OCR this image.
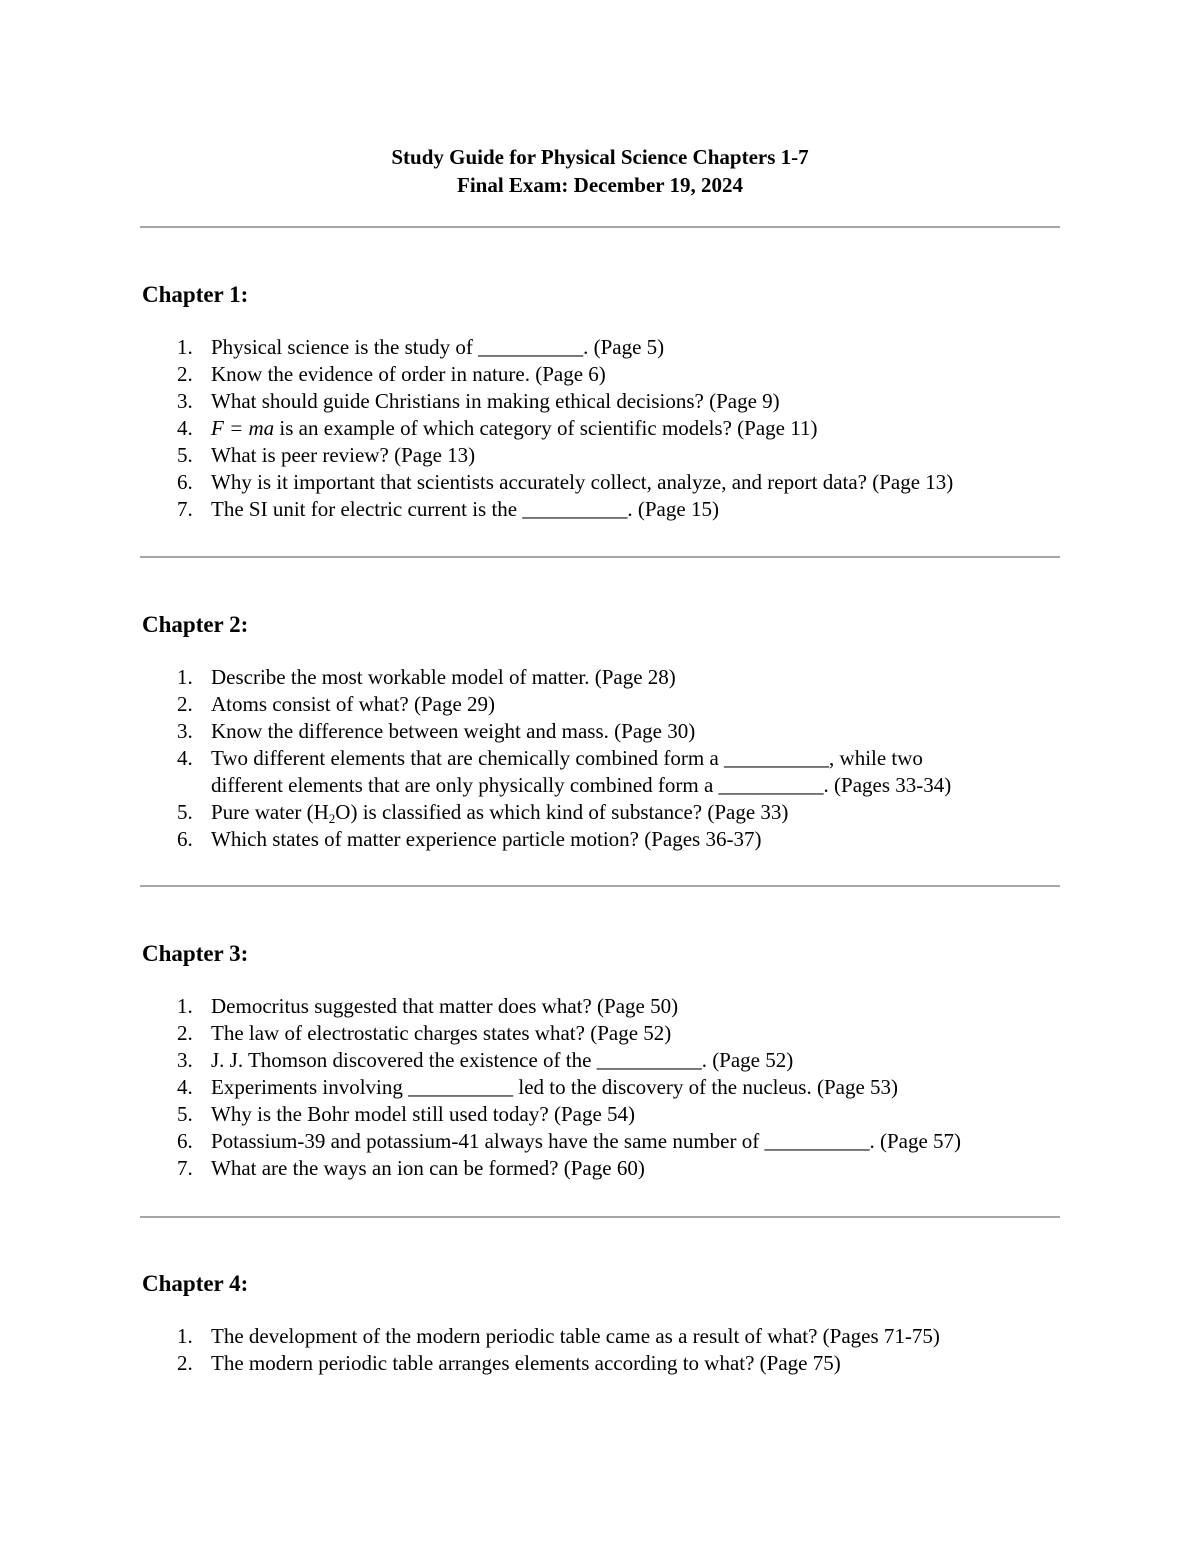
Study Guide for Physical Science Chapters 1-7
Final Exam: December 19, 2024
Chapter 1:
1. Physical science is the study of __________. (Page 5)
2. Know the evidence of order in nature. (Page 6)
3. What should guide Christians in making ethical decisions? (Page 9)
4. F = ma is an example of which category of scientific models? (Page 11)
5. What is peer review? (Page 13)
6. Why is it important that scientists accurately collect, analyze, and report data? (Page 13)
7. The SI unit for electric current is the __________. (Page 15)
Chapter 2:
1. Describe the most workable model of matter. (Page 28)
2. Atoms consist of what? (Page 29)
3. Know the difference between weight and mass. (Page 30)
4. Two different elements that are chemically combined form a __________, while two
different elements that are only physically combined form a __________. (Pages 33-34)
5. Pure water $(H_2O)$ is classified as which kind of substance? (Page 33)
6. Which states of matter experience particle motion? (Pages 36-37)
Chapter 3:
1. Democritus suggested that matter does what? (Page 50)
2. The law of electrostatic charges states what? (Page 52)
3. J. J. Thomson discovered the existence of the __________. (Page 52)
4. Experiments involving __________ led to the discovery of the nucleus. (Page 53)
5. Why is the Bohr model still used today? (Page 54)
6. Potassium-39 and potassium-41 always have the same number of __________. (Page 57)
7. What are the ways an ion can be formed? (Page 60)
Chapter 4:
1. The development of the modern periodic table came as a result of what? (Pages 71-75)
2. The modern periodic table arranges elements according to what? (Page 75)
